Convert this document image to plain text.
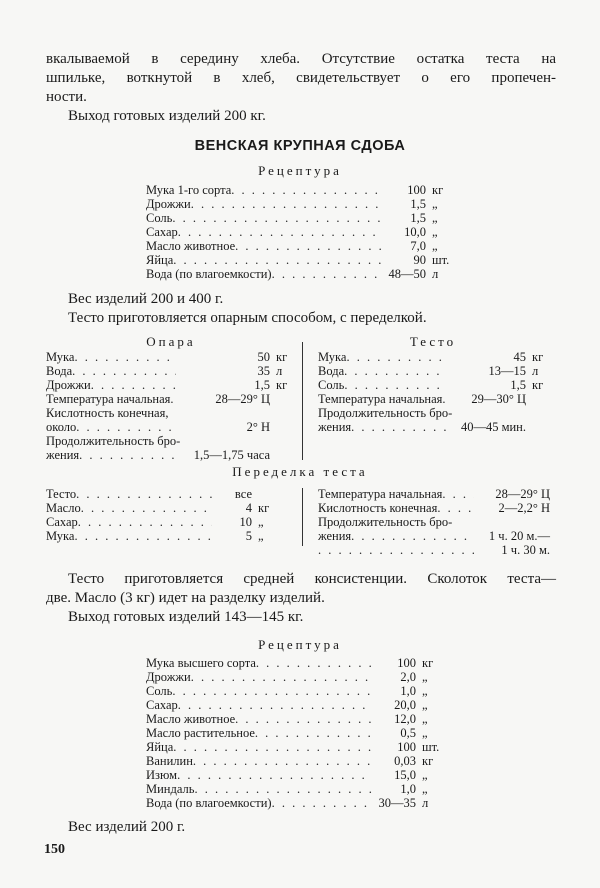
вкалываемой в середину хлеба. Отсутствие остатка теста на

шпильке, воткнутой в хлеб, свидетельствует о его пропечен-

ности.

Выход готовых изделий 200 кг.

ВЕНСКАЯ КРУПНАЯ СДОБА
Рецептура
Мука 1-го сорта . . .	100 кг
Дрожжи . . .	1,5 „
Соль . . .	1,5 „
Сахар . . .	10,0 „
Масло животное . . .	7,0 „
Яйца . . .	90 шт.
Вода (по влагоемкости) . . .	48—50 л

Вес изделий 200 и 400 г.

Тесто приготовляется опарным способом, с переделкой.

Опара	Тесто
Мука . . .	50 кг
Вода . . .	35 л
Дрожжи . . .	1,5 кг
Температура начальная . . .	28—29° Ц
Кислотность конечная,
около . . .	2° Н
Продолжительность бро-
жения . . .	1,5—1,75 часа
Мука . . .	45 кг
Вода . . .	13—15 л
Соль . . .	1,5 кг
Температура начальная . . .	29—30° Ц
Продолжительность бро-
жения . . .	40—45 мин.
Переделка теста
Тесто . . .	все
Масло . . .	4 кг
Сахар . . .	10 „
Мука . . .	5 „
Температура начальная . . .	28—29° Ц
Кислотность конечная . . .	2—2,2° Н
Продолжительность бро-
жения . . .	1 ч. 20 м.—
. . .
1 ч. 30 м.

Тесто приготовляется средней консистенции. Сколоток теста—

две. Масло (3 кг) идет на разделку изделий.

Выход готовых изделий 143—145 кг.

Рецептура
Мука высшего сорта . . .	100 кг
Дрожжи . . .	2,0 „
Соль . . .	1,0 „
Сахар . . .	20,0 „
Масло животное . . .	12,0 „
Масло растительное . . .	0,5 „
Яйца . . .	100 шт.
Ванилин . . .	0,03 кг
Изюм . . .	15,0 „
Миндаль . . .	1,0 „
Вода (по влагоемкости) . . .	30—35 л

Вес изделий 200 г.

150
